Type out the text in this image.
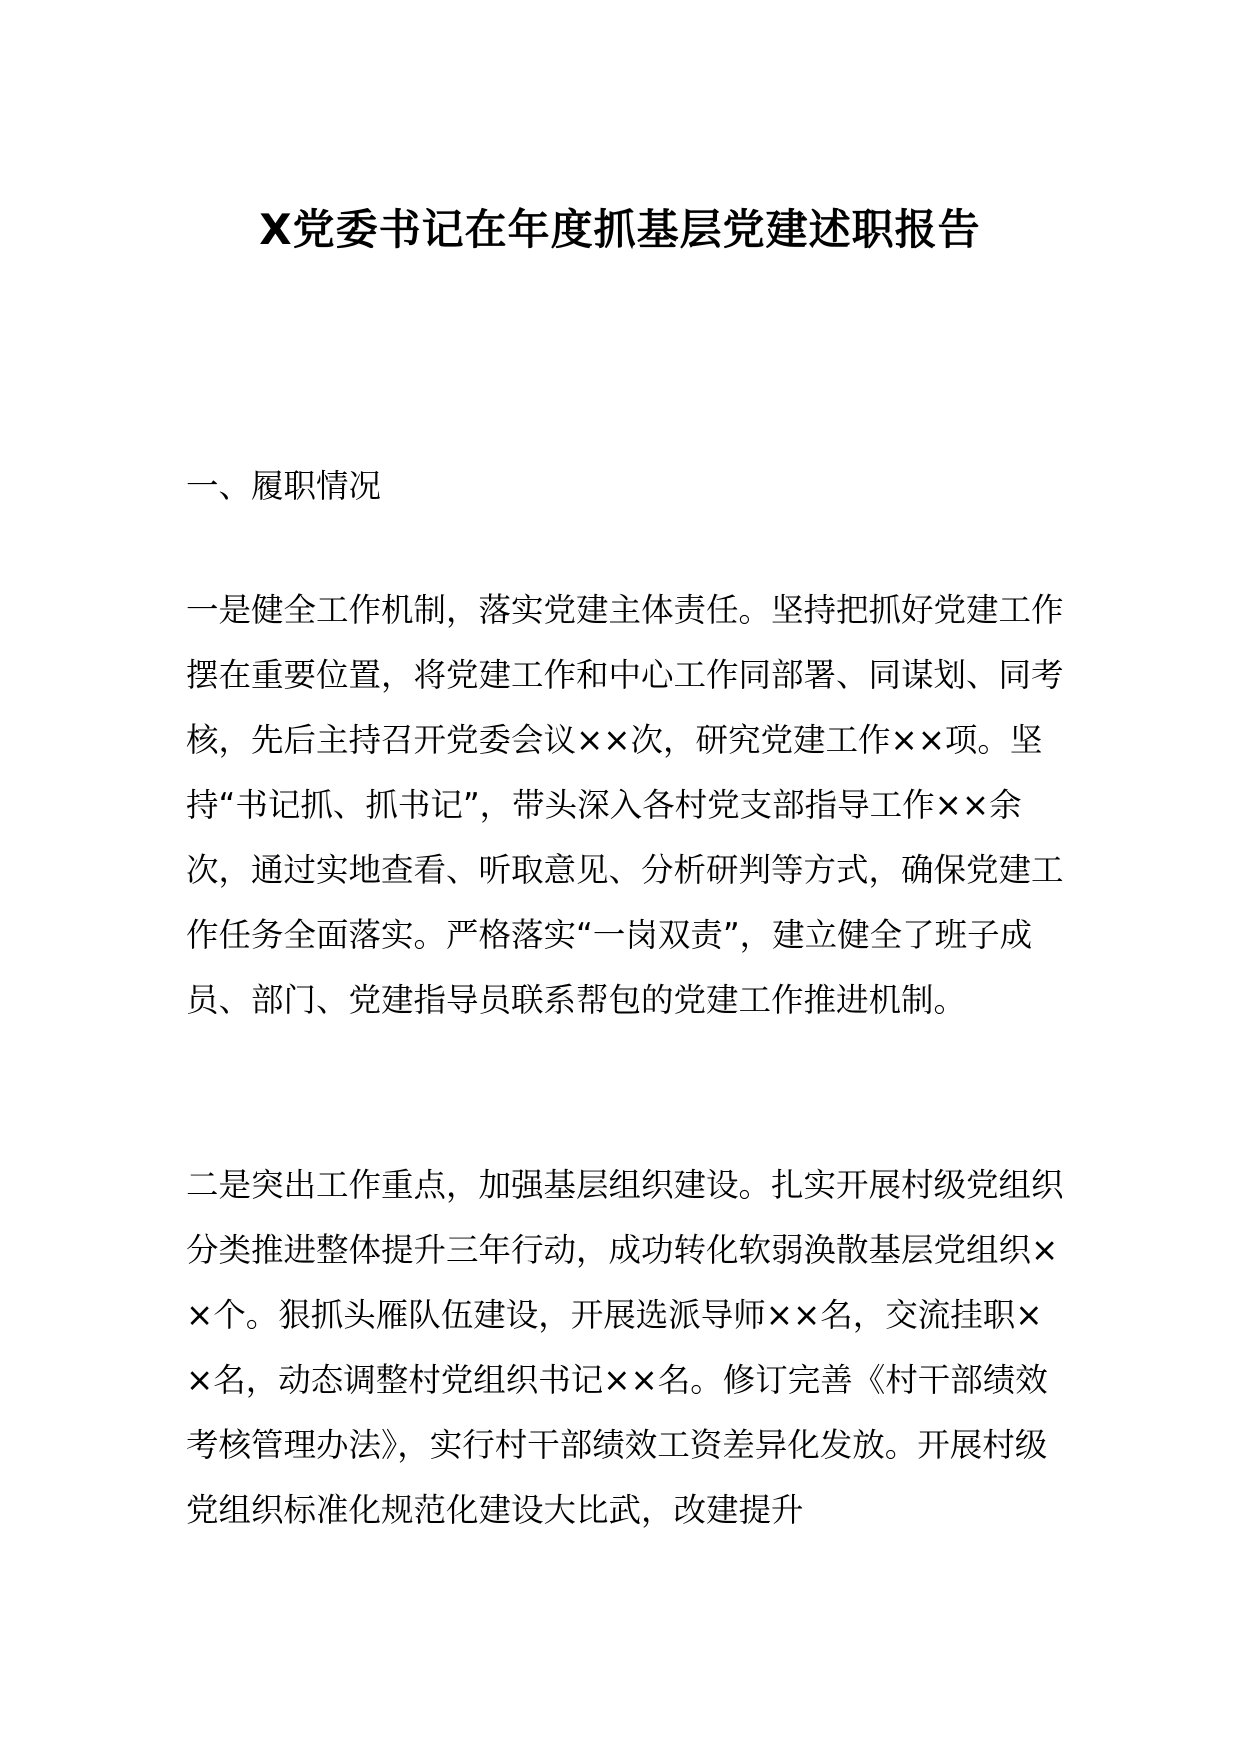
X党委书记在年度抓基层党建述职报告

一、履职情况

一是健全工作机制，落实党建主体责任。坚持把抓好党建工作摆在重要位置，将党建工作和中心工作同部署、同谋划、同考核，先后主持召开党委会议××次，研究党建工作××项。坚持“书记抓、抓书记”，带头深入各村党支部指导工作××余次，通过实地查看、听取意见、分析研判等方式，确保党建工作任务全面落实。严格落实“一岗双责”，建立健全了班子成员、部门、党建指导员联系帮包的党建工作推进机制。

二是突出工作重点，加强基层组织建设。扎实开展村级党组织分类推进整体提升三年行动，成功转化软弱涣散基层党组织××个。狠抓头雁队伍建设，开展选派导师××名，交流挂职××名，动态调整村党组织书记××名。修订完善《村干部绩效考核管理办法》，实行村干部绩效工资差异化发放。开展村级党组织标准化规范化建设大比武，改建提升
